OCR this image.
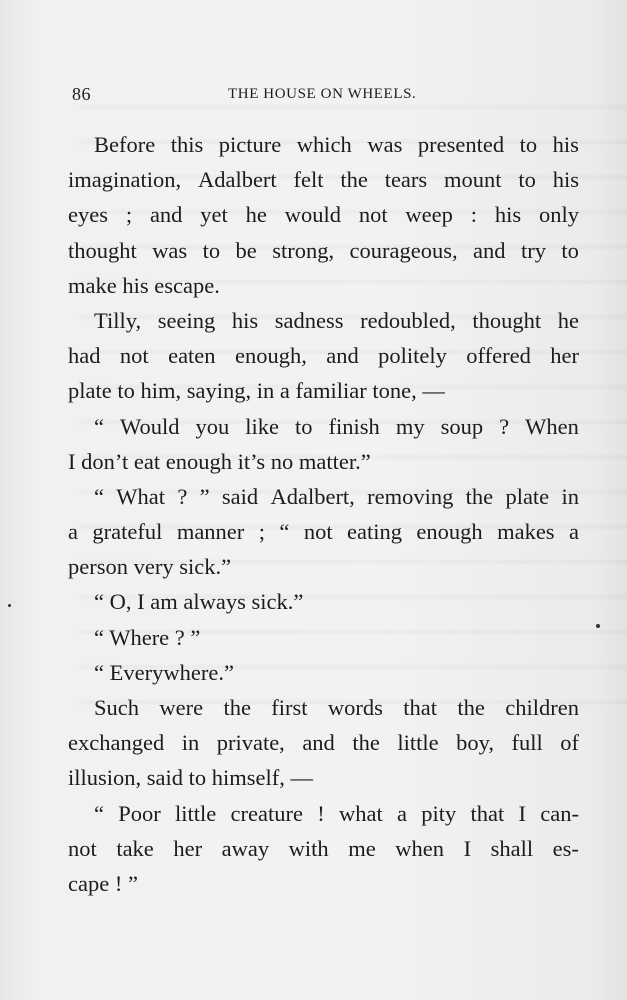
86	THE HOUSE ON WHEELS.
Before this picture which was presented to his
imagination, Adalbert felt the tears mount to his
eyes ; and yet he would not weep : his only
thought was to be strong, courageous, and try to
make his escape.
Tilly, seeing his sadness redoubled, thought he
had not eaten enough, and politely offered her
plate to him, saying, in a familiar tone, —
“ Would you like to finish my soup ? When
I don’t eat enough it’s no matter.”
“ What ? ” said Adalbert, removing the plate in
a grateful manner ; “ not eating enough makes a
person very sick.”
“ O, I am always sick.”
“ Where ? ”
“ Everywhere.”
Such were the first words that the children
exchanged in private, and the little boy, full of
illusion, said to himself, —
“ Poor little creature ! what a pity that I can-
not take her away with me when I shall es-
cape ! ”
